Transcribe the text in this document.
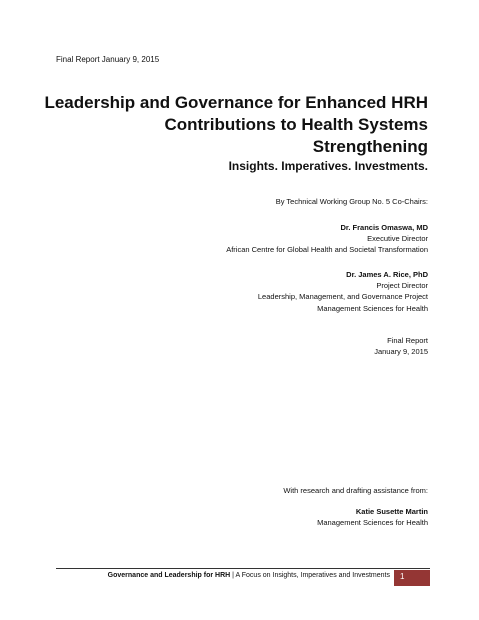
Final Report January 9, 2015
Leadership and Governance for Enhanced HRH
Contributions to Health Systems
Strengthening
Insights. Imperatives. Investments.
By Technical Working Group No. 5 Co-Chairs:
Dr. Francis Omaswa, MD
Executive Director
African Centre for Global Health and Societal Transformation
Dr. James A. Rice, PhD
Project Director
Leadership, Management, and Governance Project
Management Sciences for Health
Final Report
January 9, 2015
With research and drafting assistance from:
Katie Susette Martin
Management Sciences for Health
Governance and Leadership for HRH | A Focus on Insights, Imperatives and Investments 1
